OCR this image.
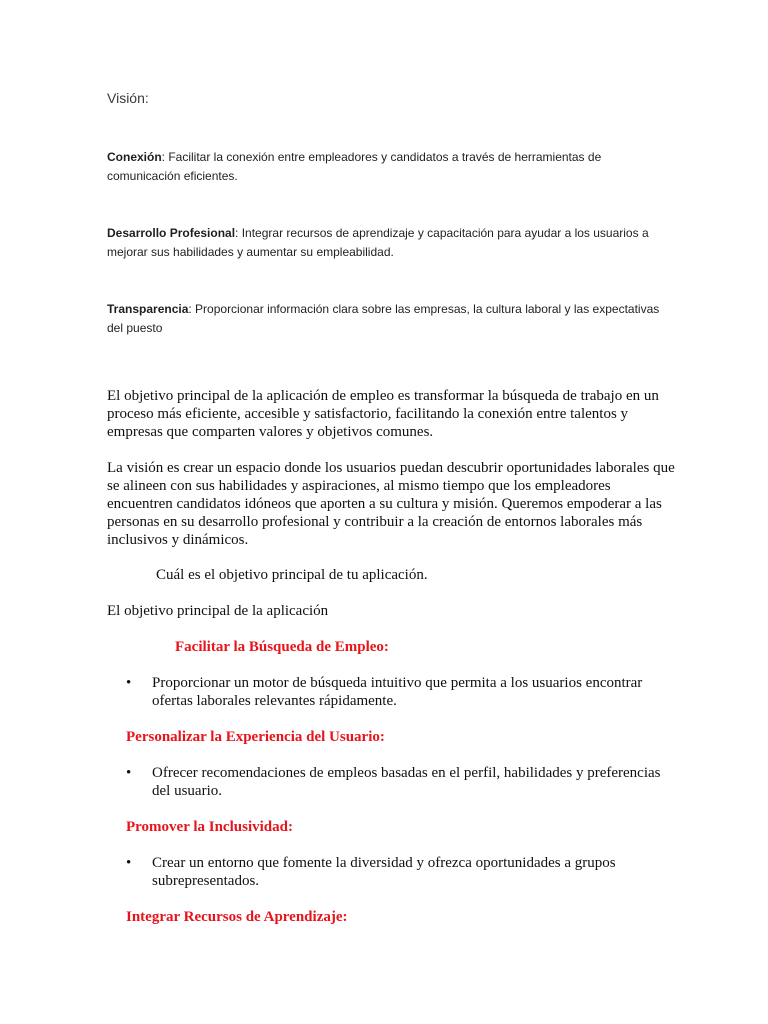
Visión:
Conexión: Facilitar la conexión entre empleadores y candidatos a través de herramientas de comunicación eficientes.
Desarrollo Profesional: Integrar recursos de aprendizaje y capacitación para ayudar a los usuarios a mejorar sus habilidades y aumentar su empleabilidad.
Transparencia: Proporcionar información clara sobre las empresas, la cultura laboral y las expectativas del puesto
El objetivo principal de la aplicación de empleo es transformar la búsqueda de trabajo en un proceso más eficiente, accesible y satisfactorio, facilitando la conexión entre talentos y empresas que comparten valores y objetivos comunes.
La visión es crear un espacio donde los usuarios puedan descubrir oportunidades laborales que se alineen con sus habilidades y aspiraciones, al mismo tiempo que los empleadores encuentren candidatos idóneos que aporten a su cultura y misión. Queremos empoderar a las personas en su desarrollo profesional y contribuir a la creación de entornos laborales más inclusivos y dinámicos.
Cuál es el objetivo principal de tu aplicación.
El objetivo principal de la aplicación
Facilitar la Búsqueda de Empleo:
•	Proporcionar un motor de búsqueda intuitivo que permita a los usuarios encontrar ofertas laborales relevantes rápidamente.
Personalizar la Experiencia del Usuario:
•	Ofrecer recomendaciones de empleos basadas en el perfil, habilidades y preferencias del usuario.
Promover la Inclusividad:
•	Crear un entorno que fomente la diversidad y ofrezca oportunidades a grupos subrepresentados.
Integrar Recursos de Aprendizaje:
